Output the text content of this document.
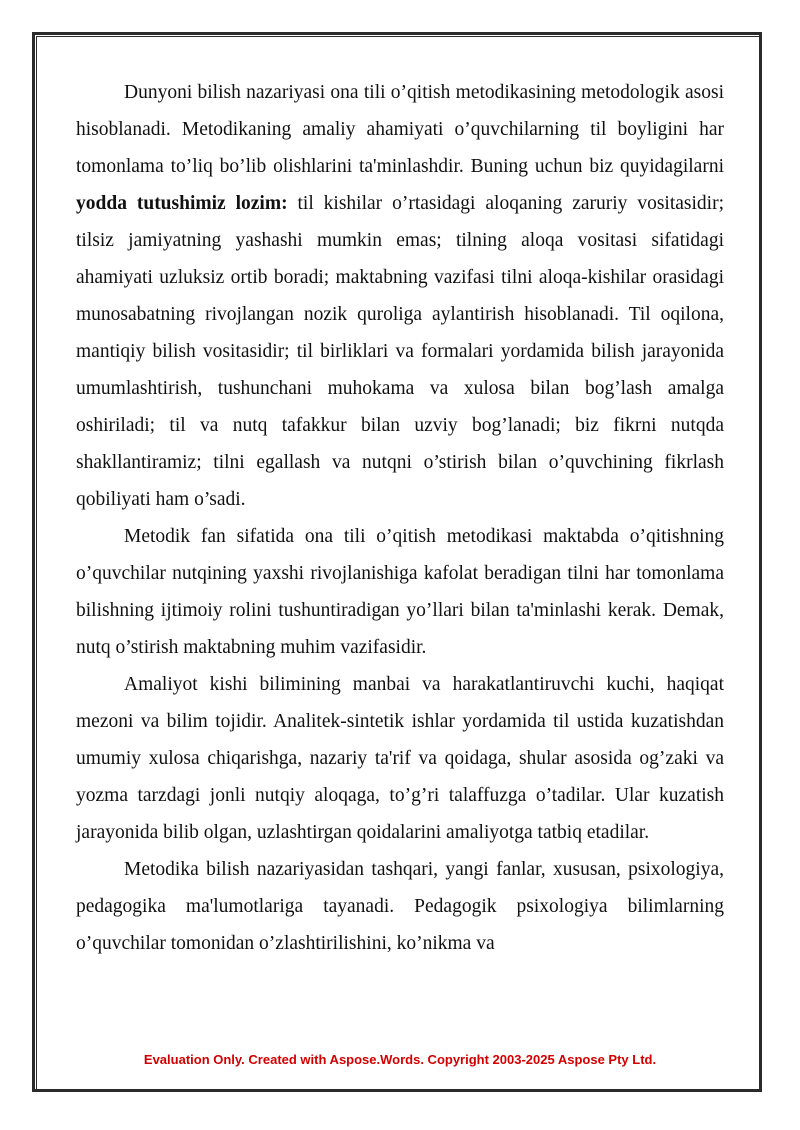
Dunyoni bilish nazariyasi ona tili o’qitish metodikasining metodologik asosi hisoblanadi. Metodikaning amaliy ahamiyati o’quvchilarning til boyligini har tomonlama to’liq bo’lib olishlarini ta'minlashdir. Buning uchun biz quyidagilarni yodda tutushimiz lozim: til kishilar o’rtasidagi aloqaning zaruriy vositasidir; tilsiz jamiyatning yashashi mumkin emas; tilning aloqa vositasi sifatidagi ahamiyati uzluksiz ortib boradi; maktabning vazifasi tilni aloqa-kishilar orasidagi munosabatning rivojlangan nozik quroliga aylantirish hisoblanadi. Til oqilona, mantiqiy bilish vositasidir; til birliklari va formalari yordamida bilish jarayonida umumlashtirish, tushunchani muhokama va xulosa bilan bog’lash amalga oshiriladi; til va nutq tafakkur bilan uzviy bog’lanadi; biz fikrni nutqda shakllantiramiz; tilni egallash va nutqni o’stirish bilan o’quvchining fikrlash qobiliyati ham o’sadi.

Metodik fan sifatida ona tili o’qitish metodikasi maktabda o’qitishning o’quvchilar nutqining yaxshi rivojlanishiga kafolat beradigan tilni har tomonlama bilishning ijtimoiy rolini tushuntiradigan yo’llari bilan ta'minlashi kerak. Demak, nutq o’stirish maktabning muhim vazifasidir.

Amaliyot kishi bilimining manbai va harakatlantiruvchi kuchi, haqiqat mezoni va bilim tojidir. Analitek-sintetik ishlar yordamida til ustida kuzatishdan umumiy xulosa chiqarishga, nazariy ta'rif va qoidaga, shular asosida og’zaki va yozma tarzdagi jonli nutqiy aloqaga, to’g’ri talaffuzga o’tadilar. Ular kuzatish jarayonida bilib olgan, uzlashtirgan qoidalarini amaliyotga tatbiq etadilar.

Metodika bilish nazariyasidan tashqari, yangi fanlar, xususan, psixologiya, pedagogika ma'lumotlariga tayanadi. Pedagogik psixologiya bilimlarning o’quvchilar tomonidan o’zlashtirilishini, ko’nikma va

Evaluation Only. Created with Aspose.Words. Copyright 2003-2025 Aspose Pty Ltd.
